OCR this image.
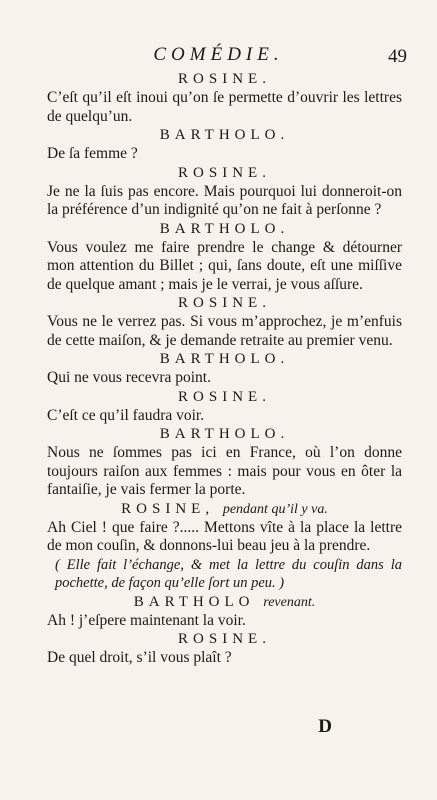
COMÉDIE.	49
ROSINE.
C’eſt qu’il eſt inoui qu’on ſe permette d’ouvrir les lettres de quelqu’un.
BARTHOLO.
De ſa femme ?
ROSINE.
Je ne la ſuis pas encore. Mais pourquoi lui donneroit-on la préférence d’un indignité qu’on ne fait à perſonne ?
BARTHOLO.
Vous voulez me faire prendre le change & détourner mon attention du Billet ; qui, ſans doute, eſt une miſſive de quelque amant ; mais je le verrai, je vous aſſure.
ROSINE.
Vous ne le verrez pas. Si vous m’approchez, je m’enfuis de cette maiſon, & je demande retraite au premier venu.
BARTHOLO.
Qui ne vous recevra point.
ROSINE.
C’eſt ce qu’il faudra voir.
BARTHOLO.
Nous ne ſommes pas ici en France, où l’on donne toujours raiſon aux femmes : mais pour vous en ôter la fantaiſie, je vais fermer la porte.
ROSINE, pendant qu’il y va.
Ah Ciel ! que faire ?..... Mettons vîte à la place la lettre de mon couſin, & donnons-lui beau jeu à la prendre.
( Elle fait l’échange, & met la lettre du couſin dans la pochette, de façon qu’elle ſort un peu. )
BARTHOLO revenant.
Ah ! j’eſpere maintenant la voir.
ROSINE.
De quel droit, s’il vous plaît ?
D
